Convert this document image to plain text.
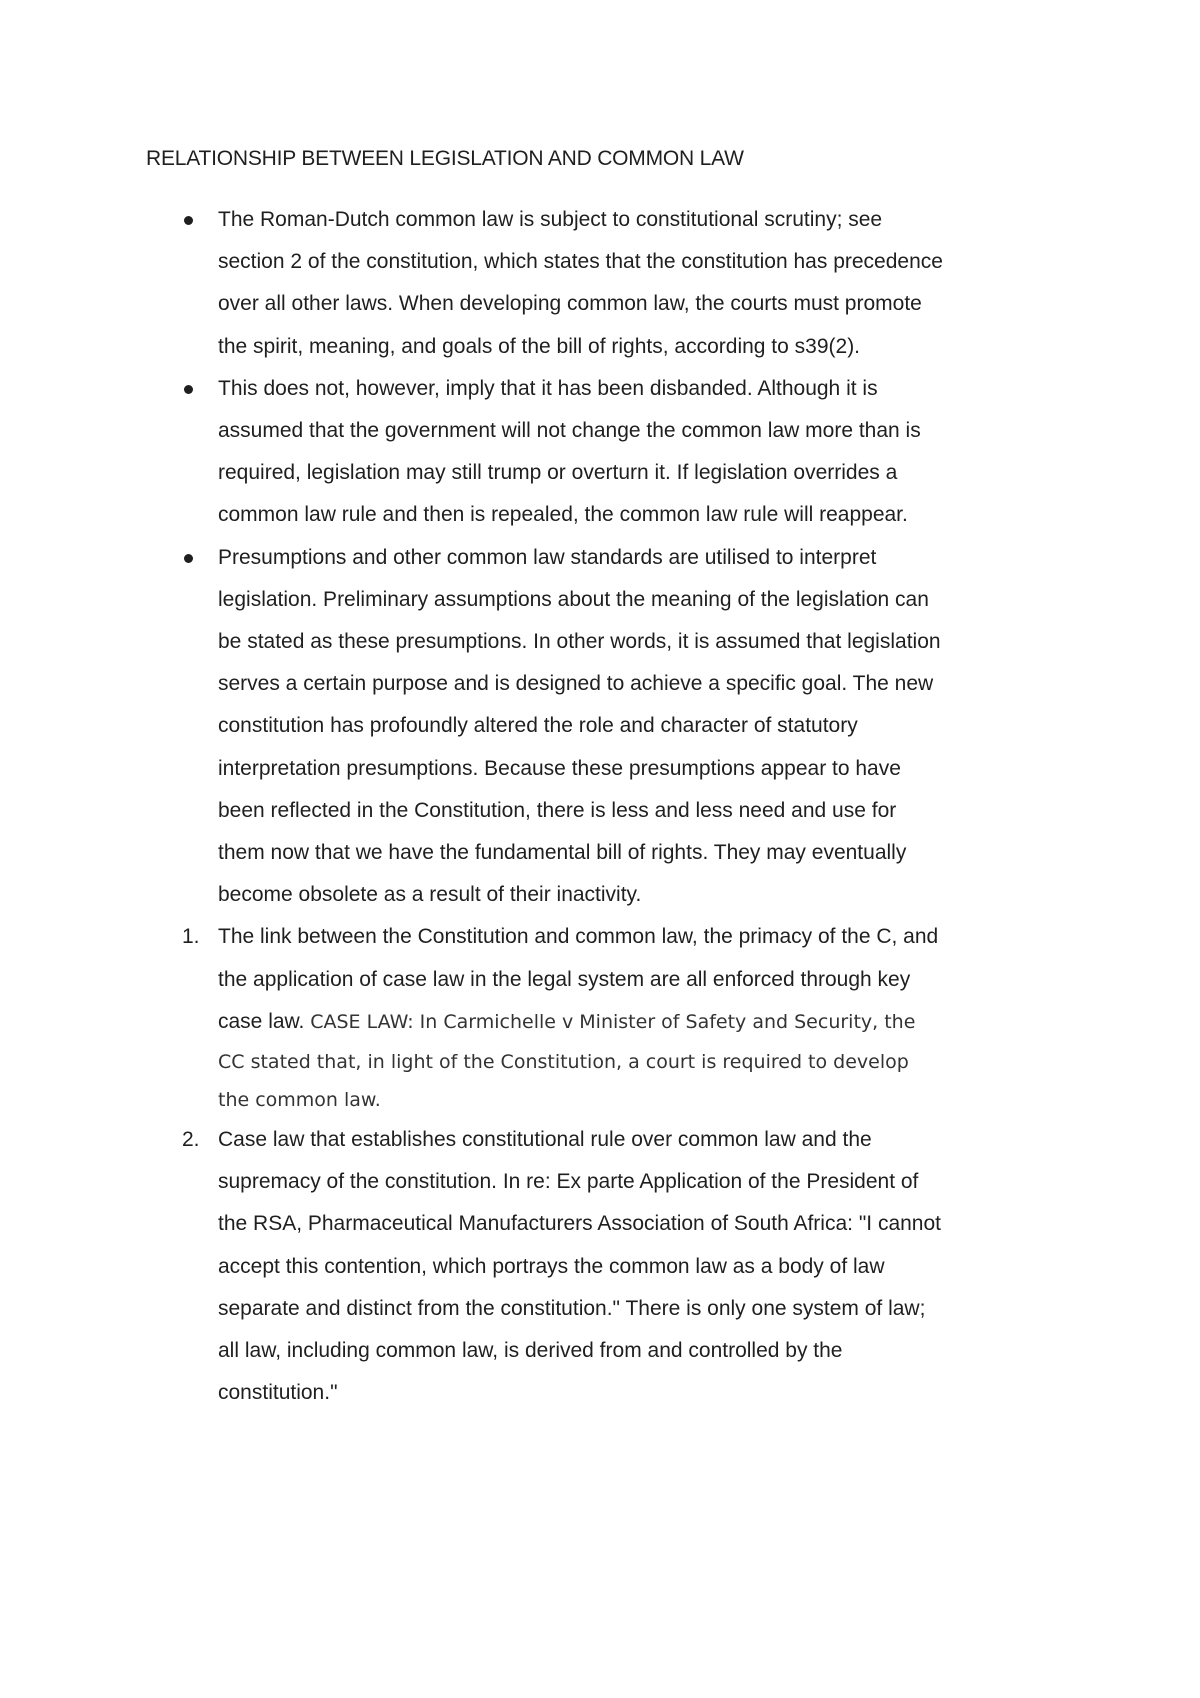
RELATIONSHIP BETWEEN LEGISLATION AND COMMON LAW
The Roman-Dutch common law is subject to constitutional scrutiny; see
section 2 of the constitution, which states that the constitution has precedence
over all other laws. When developing common law, the courts must promote
the spirit, meaning, and goals of the bill of rights, according to s39(2).
This does not, however, imply that it has been disbanded. Although it is
assumed that the government will not change the common law more than is
required, legislation may still trump or overturn it. If legislation overrides a
common law rule and then is repealed, the common law rule will reappear.
Presumptions and other common law standards are utilised to interpret
legislation. Preliminary assumptions about the meaning of the legislation can
be stated as these presumptions. In other words, it is assumed that legislation
serves a certain purpose and is designed to achieve a specific goal. The new
constitution has profoundly altered the role and character of statutory
interpretation presumptions. Because these presumptions appear to have
been reflected in the Constitution, there is less and less need and use for
them now that we have the fundamental bill of rights. They may eventually
become obsolete as a result of their inactivity.
1. The link between the Constitution and common law, the primacy of the C, and
the application of case law in the legal system are all enforced through key
case law. CASE LAW: In Carmichelle v Minister of Safety and Security, the
CC stated that, in light of the Constitution, a court is required to develop
the common law.
2. Case law that establishes constitutional rule over common law and the
supremacy of the constitution. In re: Ex parte Application of the President of
the RSA, Pharmaceutical Manufacturers Association of South Africa: "I cannot
accept this contention, which portrays the common law as a body of law
separate and distinct from the constitution." There is only one system of law;
all law, including common law, is derived from and controlled by the
constitution."
